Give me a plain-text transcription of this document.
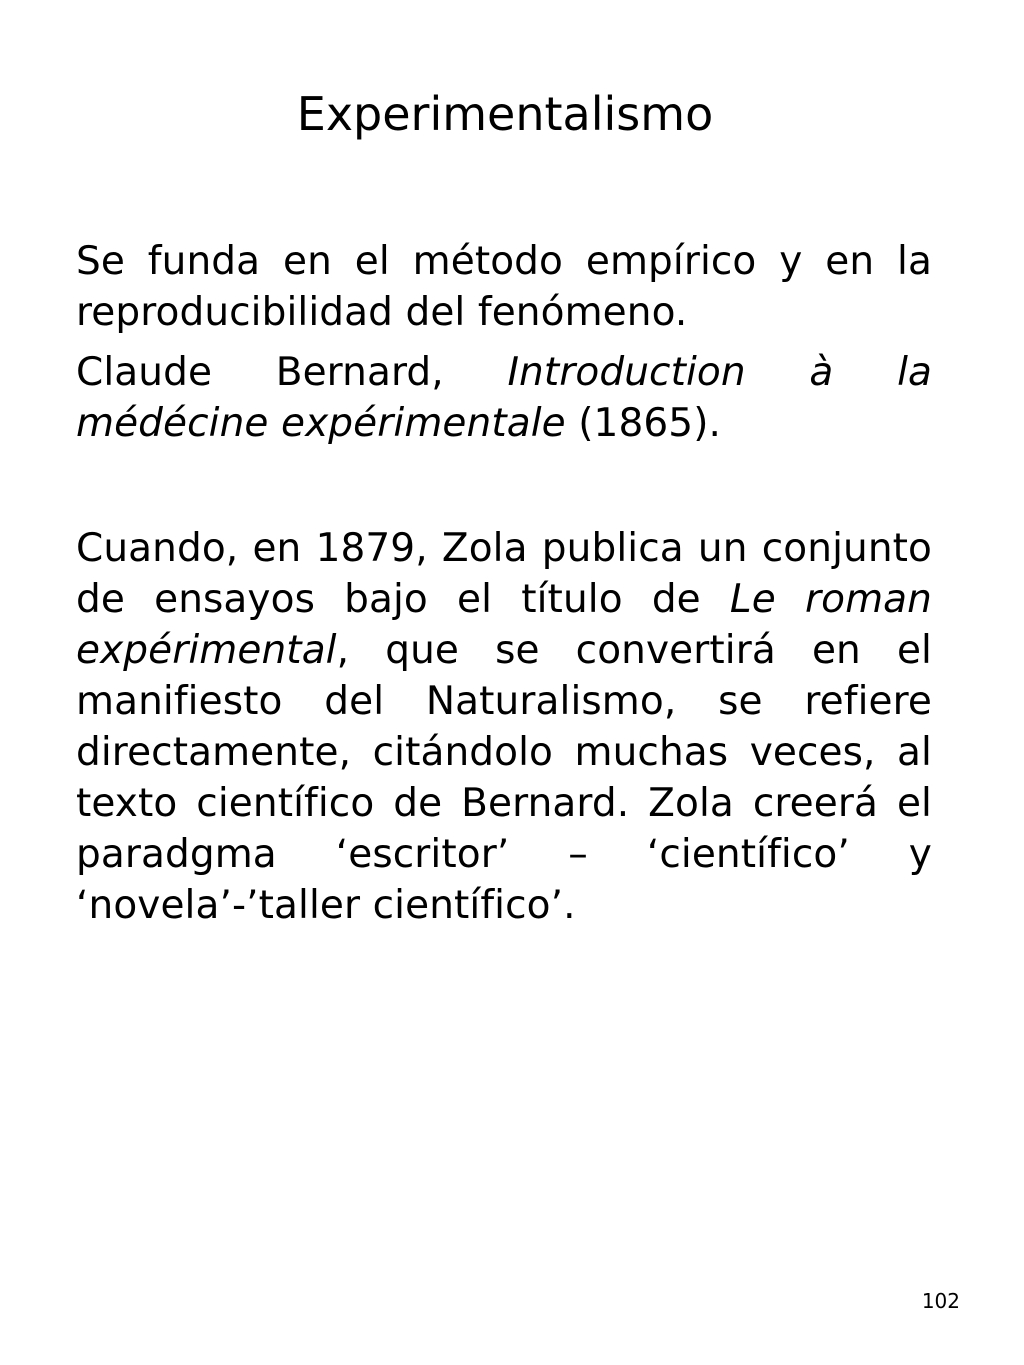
Experimentalismo

Se funda en el método empírico y en la reproducibilidad del fenómeno.

Claude Bernard, Introduction à la médécine expérimentale (1865).

Cuando, en 1879, Zola publica un conjunto de ensayos bajo el título de Le roman expérimental, que se convertirá en el manifiesto del Naturalismo, se refiere directamente, citándolo muchas veces, al texto científico de Bernard. Zola creerá el paradgma ‘escritor’ – ‘científico’ y ‘novela’-’taller científico’.

102
